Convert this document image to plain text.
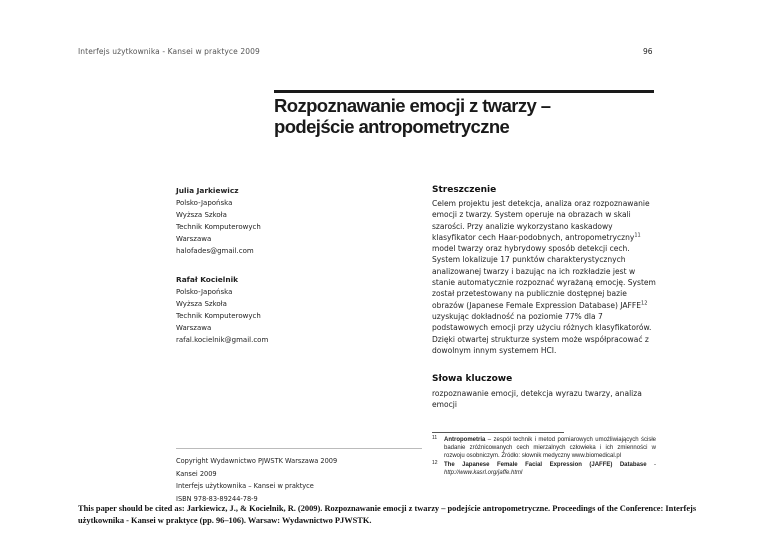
Interfejs użytkownika - Kansei w praktyce 2009	96
Rozpoznawanie emocji z twarzy –
podejście antropometryczne
Julia Jarkiewicz
Polsko-Japońska
Wyższa Szkoła
Technik Komputerowych
Warszawa
halofades@gmail.com
Rafał Kocielnik
Polsko-Japońska
Wyższa Szkoła
Technik Komputerowych
Warszawa
rafal.kocielnik@gmail.com
Streszczenie
Celem projektu jest detekcja, analiza oraz rozpoznawanie emocji z twarzy. System operuje na obrazach w skali szarości. Przy analizie wykorzystano kaskadowy klasyfikator cech Haar-podobnych, antropometryczny$^{11}$ model twarzy oraz hybrydowy sposób detekcji cech. System lokalizuje 17 punktów charakterystycznych analizowanej twarzy i bazując na ich rozkładzie jest w stanie automatycznie rozpoznać wyrażaną emocję. System został przetestowany na publicznie dostępnej bazie obrazów (Japanese Female Expression Database) JAFFE$^{12}$ uzyskując dokładność na poziomie 77% dla 7 podstawowych emocji przy użyciu różnych klasyfikatorów. Dzięki otwartej strukturze system może współpracować z dowolnym innym systemem HCI.
Słowa kluczowe
rozpoznawanie emocji, detekcja wyrazu twarzy, analiza emocji
Copyright Wydawnictwo PJWSTK Warszawa 2009
Kansei 2009
Interfejs użytkownika – Kansei w praktyce
ISBN 978-83-89244-78-9
11 Antropometria – zespół technik i metod pomiarowych umożliwiających ścisłe badanie zróżnicowanych cech mierzalnych człowieka i ich zmienności w rozwoju osobniczym. Źródło: słownik medyczny www.biomedical.pl
12 The Japanese Female Facial Expression (JAFFE) Database - http://www.kasrl.org/jaffe.html
This paper should be cited as: Jarkiewicz, J., & Kocielnik, R. (2009). Rozpoznawanie emocji z twarzy – podejście antropometryczne. Proceedings of the Conference: Interfejs użytkownika - Kansei w praktyce (pp. 96–106). Warsaw: Wydawnictwo PJWSTK.
